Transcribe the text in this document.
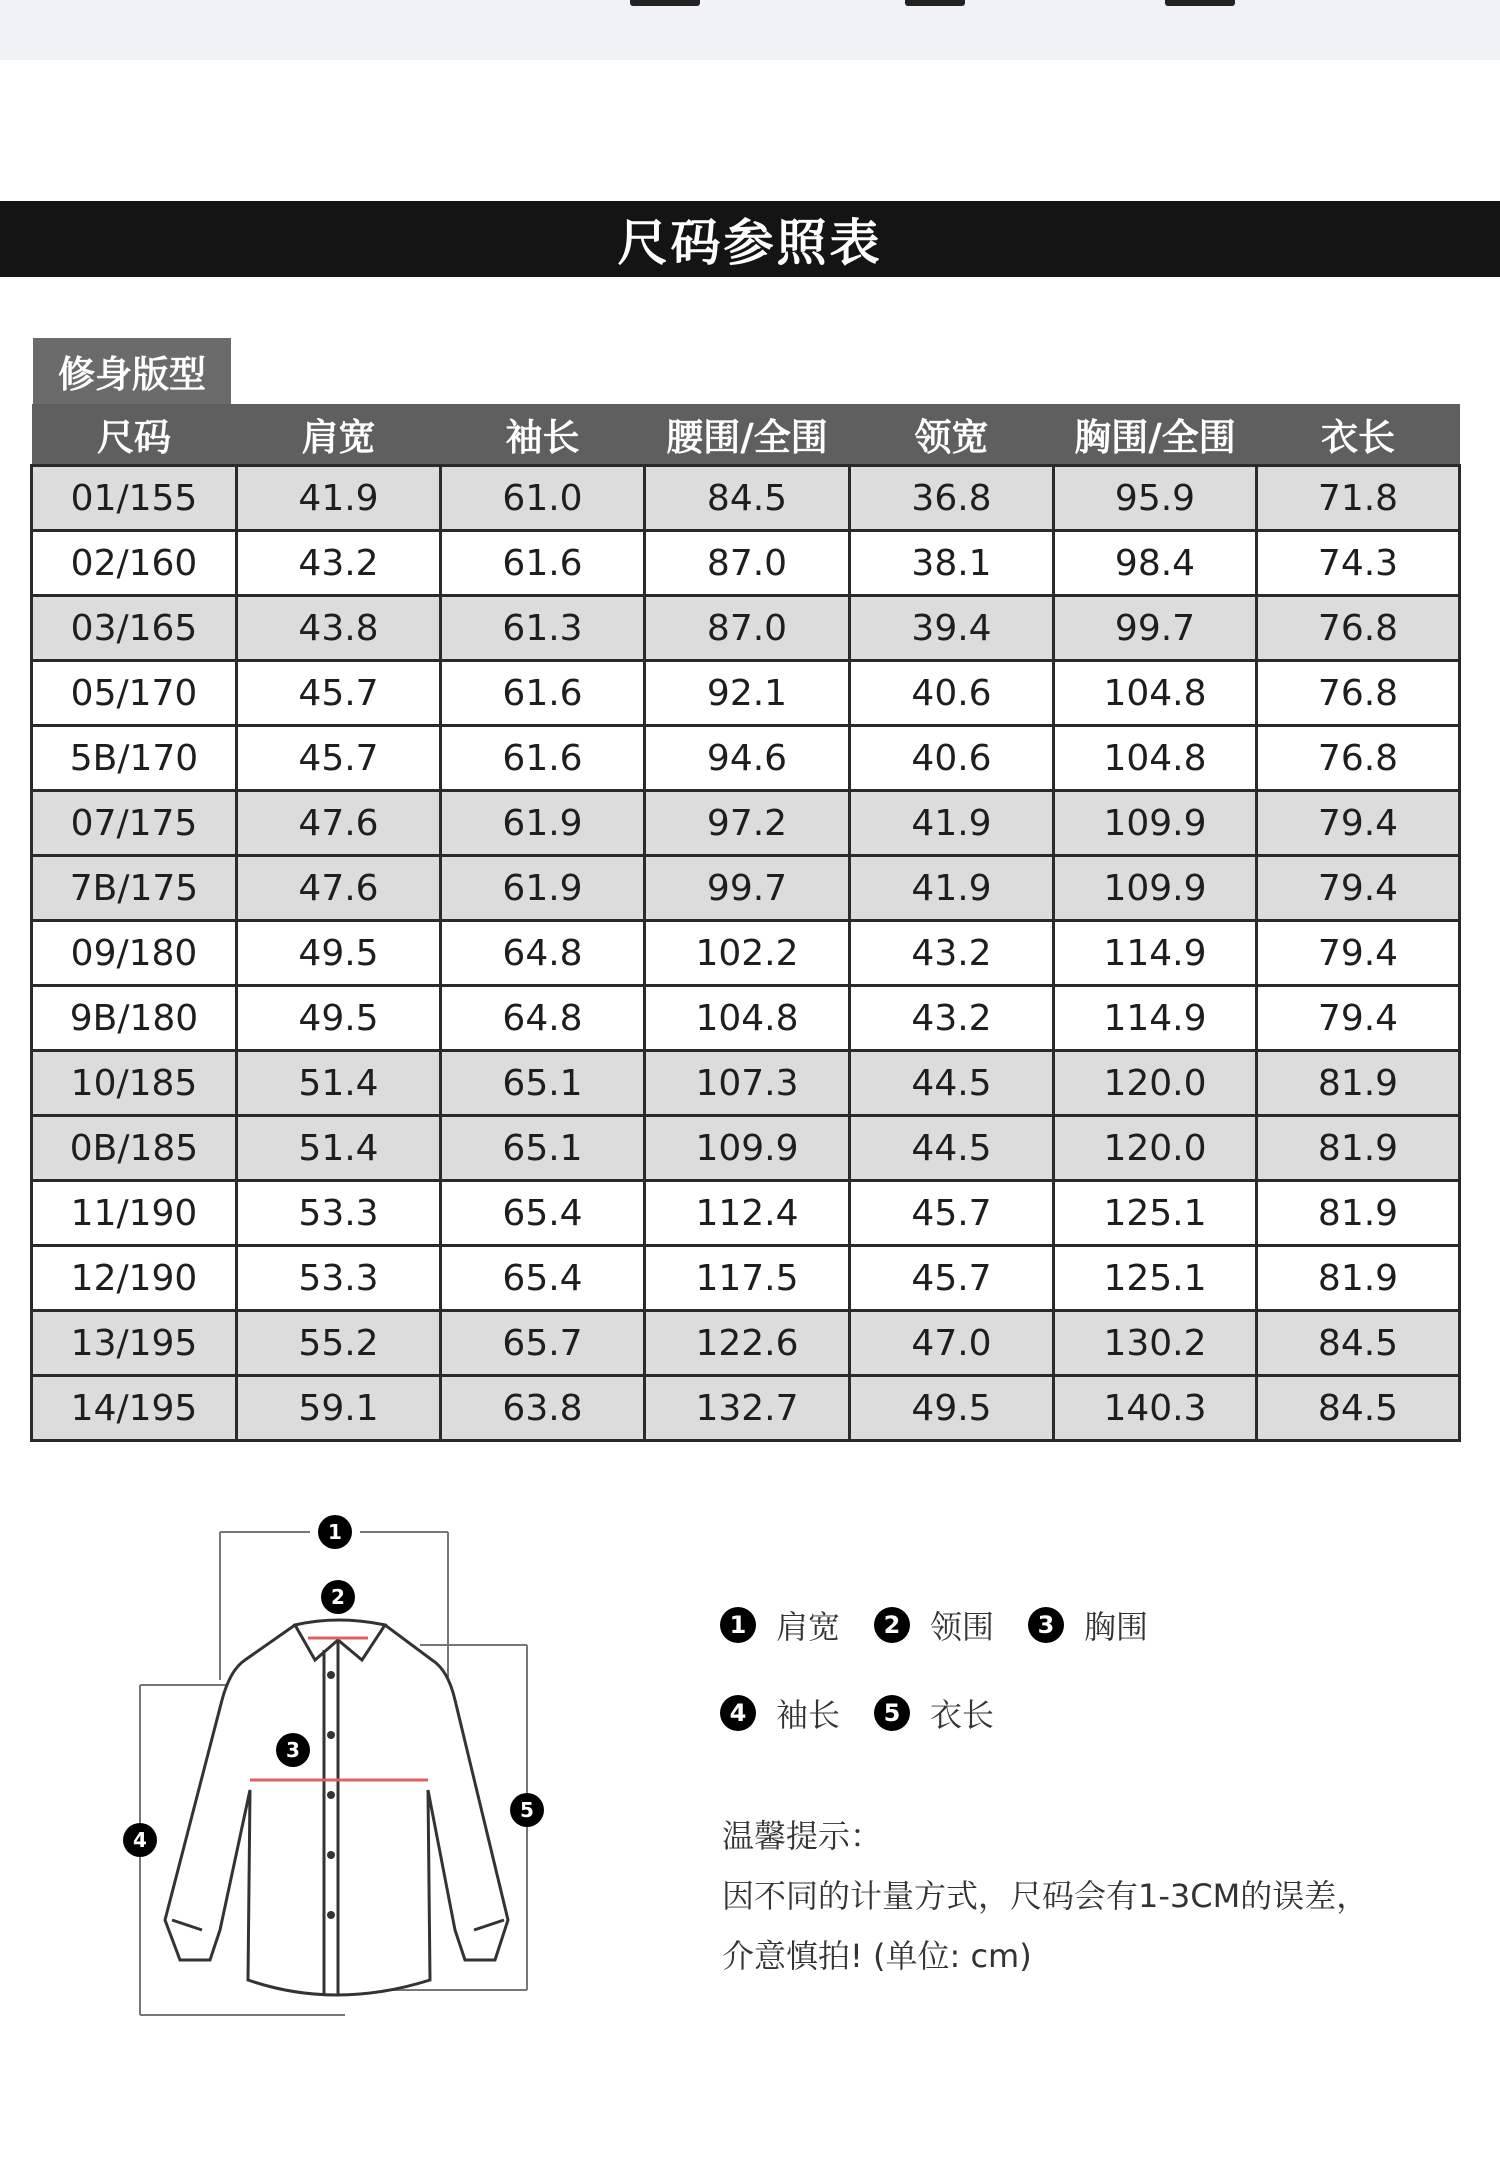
尺码参照表
修身版型
尺码	肩宽	袖长	腰围/全围	领宽	胸围/全围	衣长
01/155	41.9	61.0	84.5	36.8	95.9	71.8
02/160	43.2	61.6	87.0	38.1	98.4	74.3
03/165	43.8	61.3	87.0	39.4	99.7	76.8
05/170	45.7	61.6	92.1	40.6	104.8	76.8
5B/170	45.7	61.6	94.6	40.6	104.8	76.8
07/175	47.6	61.9	97.2	41.9	109.9	79.4
7B/175	47.6	61.9	99.7	41.9	109.9	79.4
09/180	49.5	64.8	102.2	43.2	114.9	79.4
9B/180	49.5	64.8	104.8	43.2	114.9	79.4
10/185	51.4	65.1	107.3	44.5	120.0	81.9
0B/185	51.4	65.1	109.9	44.5	120.0	81.9
11/190	53.3	65.4	112.4	45.7	125.1	81.9
12/190	53.3	65.4	117.5	45.7	125.1	81.9
13/195	55.2	65.7	122.6	47.0	130.2	84.5
14/195	59.1	63.8	132.7	49.5	140.3	84.5
1
2
3
4
5
1 肩宽	2 领围	3 胸围
4 袖长	5 衣长
温馨提示：
因不同的计量方式，尺码会有1-3CM的误差，
介意慎拍! (单位: cm)
